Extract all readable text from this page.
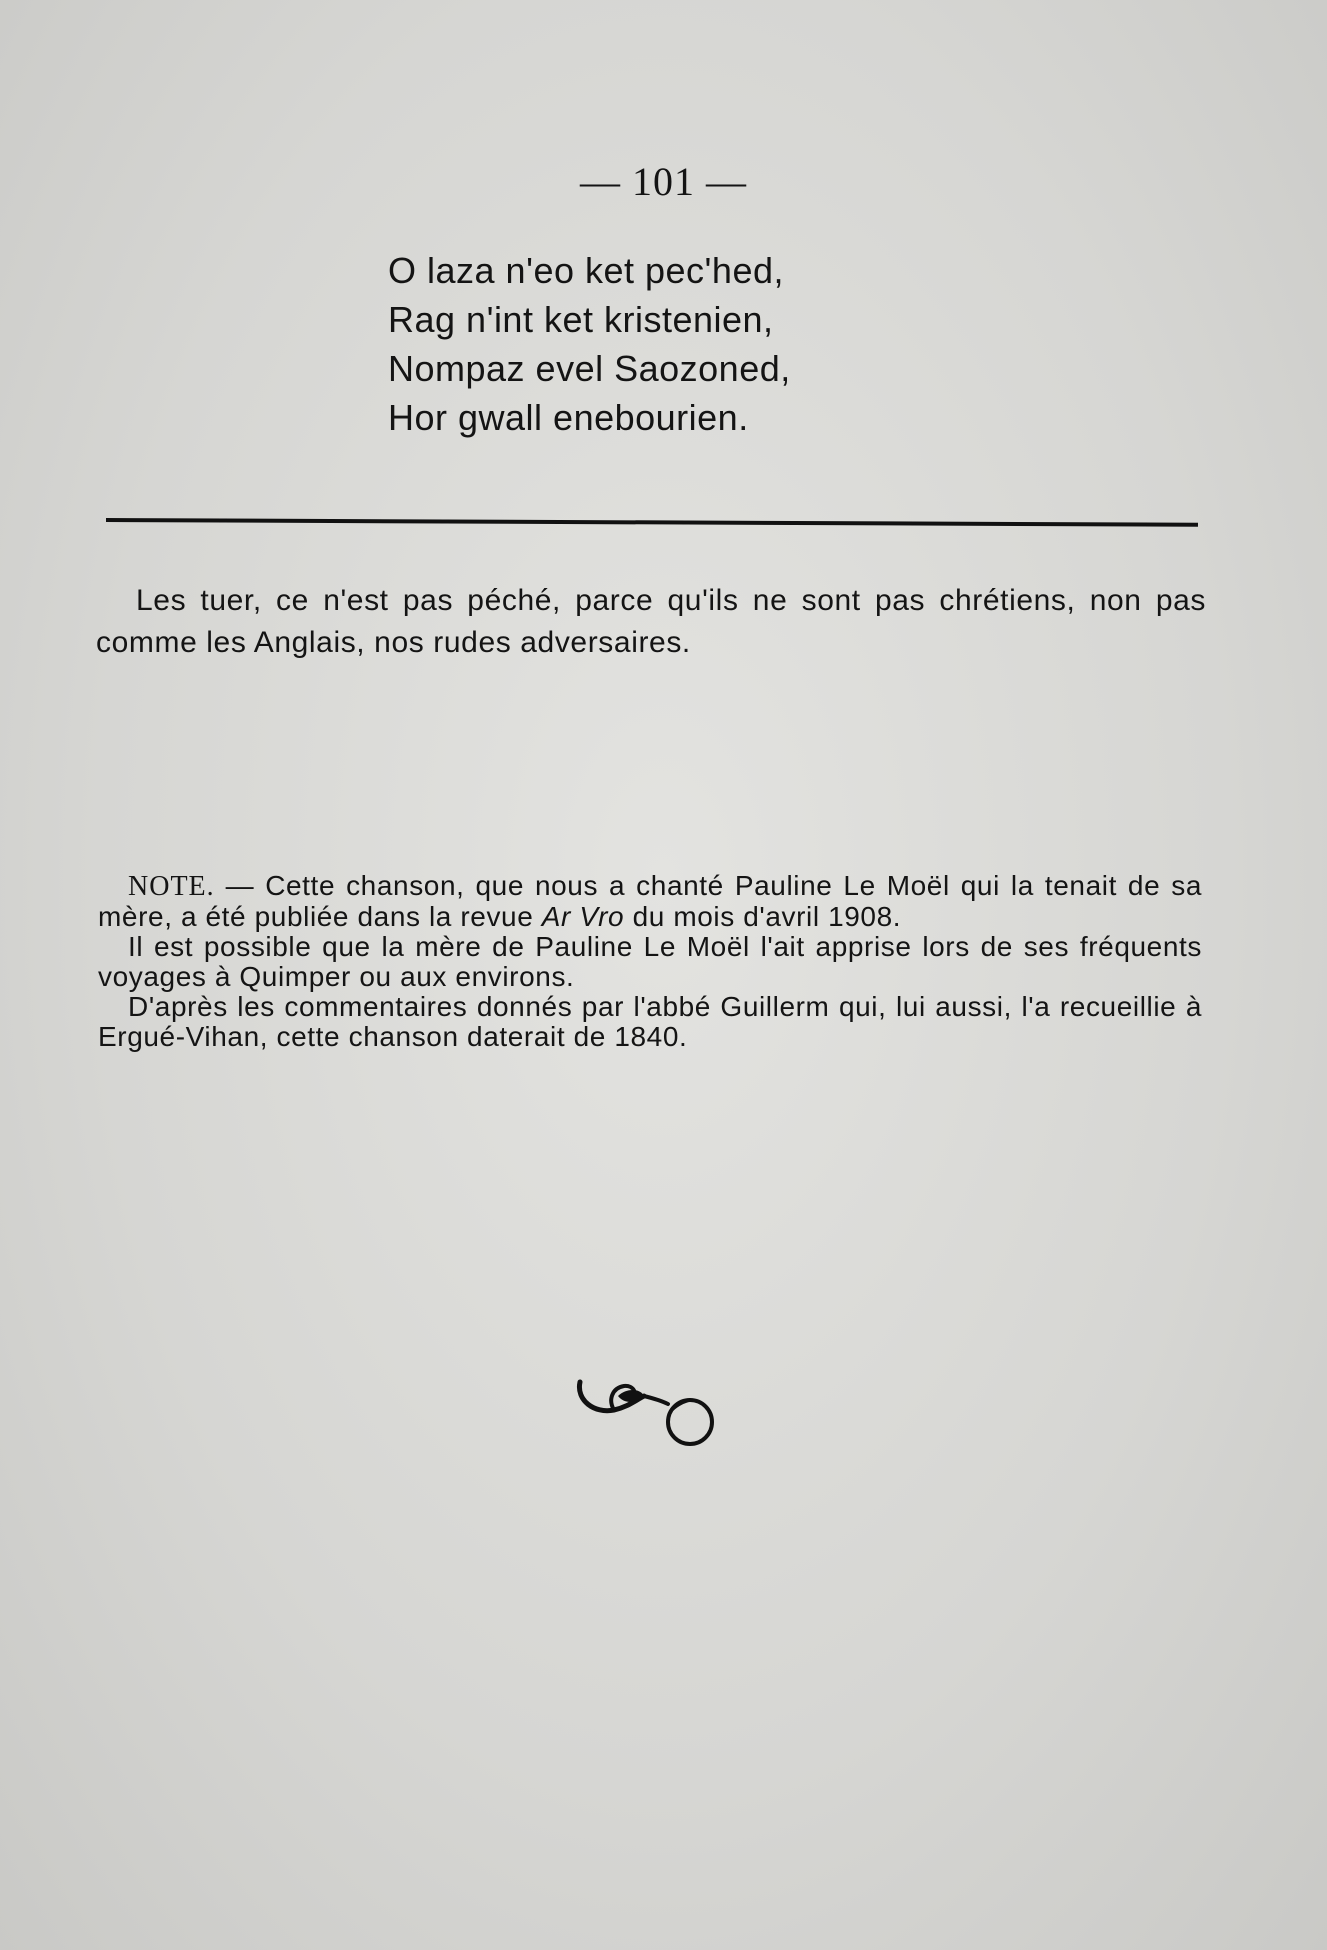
— 101 —
O laza n'eo ket pec'hed,
Rag n'int ket kristenien,
Nompaz evel Saozoned,
Hor gwall enebourien.
Les tuer, ce n'est pas péché, parce qu'ils ne sont pas chrétiens, non pas comme les Anglais, nos rudes adversaires.

NOTE. — Cette chanson, que nous a chanté Pauline Le Moël qui la tenait de sa mère, a été publiée dans la revue Ar Vro du mois d'avril 1908.

Il est possible que la mère de Pauline Le Moël l'ait apprise lors de ses fréquents voyages à Quimper ou aux environs.

D'après les commentaires donnés par l'abbé Guillerm qui, lui aussi, l'a recueillie à Ergué-Vihan, cette chanson daterait de 1840.
